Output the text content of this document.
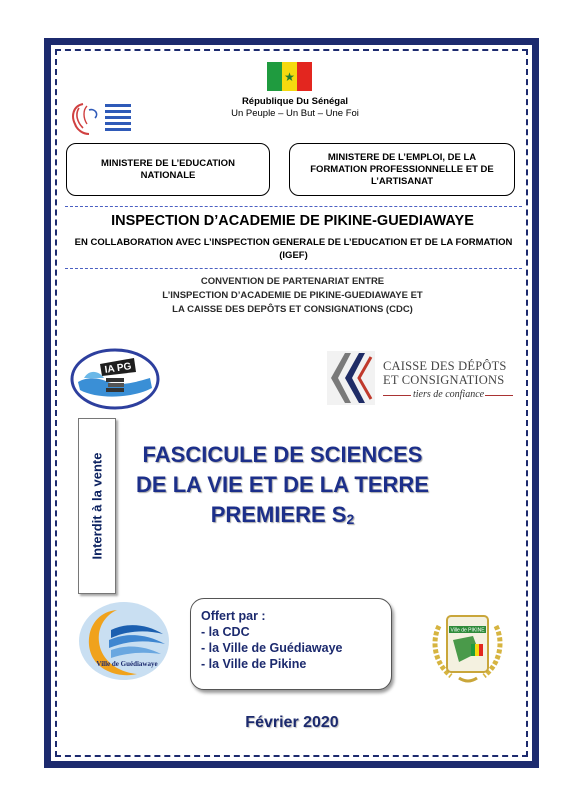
★
République Du Sénégal
Un Peuple – Un But – Une Foi
MINISTERE DE L’EDUCATION NATIONALE
MINISTERE DE L’EMPLOI, DE LA FORMATION PROFESSIONNELLE ET DE L’ARTISANAT
INSPECTION D’ACADEMIE DE PIKINE-GUEDIAWAYE
EN COLLABORATION AVEC L’INSPECTION GENERALE DE L’EDUCATION ET DE LA FORMATION (IGEF)
CONVENTION DE PARTENARIAT ENTRE
L’INSPECTION D’ACADEMIE DE PIKINE-GUEDIAWAYE ET
LA CAISSE DES DEPÔTS ET CONSIGNATIONS (CDC)
IA PG	CAISSE DES DÉPÔTS
ET CONSIGNATIONS
tiers de confiance
Interdit à la vente	FASCICULE DE SCIENCES
DE LA VIE ET DE LA TERRE
PREMIERE $S_2$
Ville de Guédiawaye
Offert par :
- la CDC
- la Ville de Guédiawaye
- la Ville de Pikine
Ville de PIKINE
Février 2020
